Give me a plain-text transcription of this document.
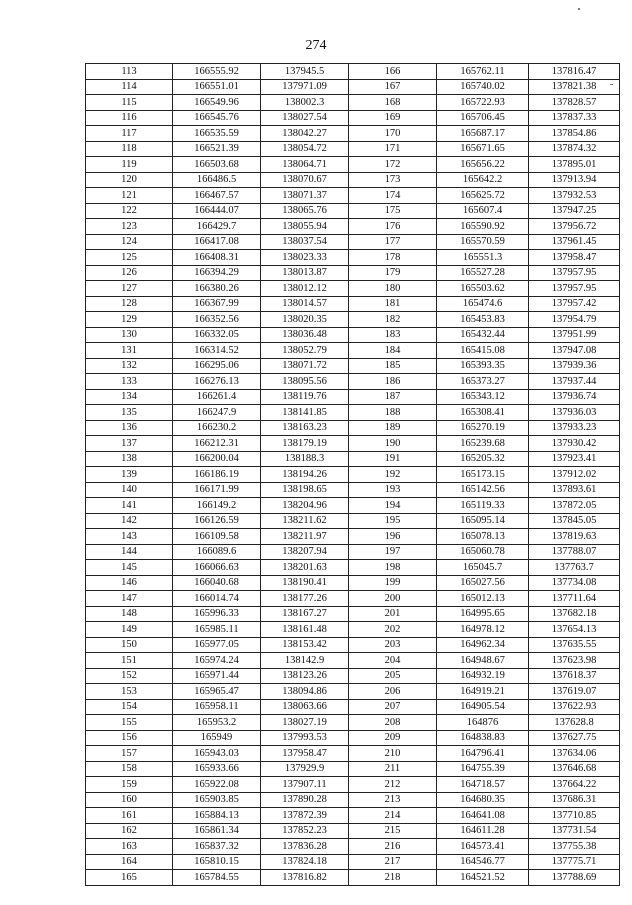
274
113	166555.92	137945.5	166	165762.11	137816.47
114	166551.01	137971.09	167	165740.02	137821.38
115	166549.96	138002.3	168	165722.93	137828.57
116	166545.76	138027.54	169	165706.45	137837.33
117	166535.59	138042.27	170	165687.17	137854.86
118	166521.39	138054.72	171	165671.65	137874.32
119	166503.68	138064.71	172	165656.22	137895.01
120	166486.5	138070.67	173	165642.2	137913.94
121	166467.57	138071.37	174	165625.72	137932.53
122	166444.07	138065.76	175	165607.4	137947.25
123	166429.7	138055.94	176	165590.92	137956.72
124	166417.08	138037.54	177	165570.59	137961.45
125	166408.31	138023.33	178	165551.3	137958.47
126	166394.29	138013.87	179	165527.28	137957.95
127	166380.26	138012.12	180	165503.62	137957.95
128	166367.99	138014.57	181	165474.6	137957.42
129	166352.56	138020.35	182	165453.83	137954.79
130	166332.05	138036.48	183	165432.44	137951.99
131	166314.52	138052.79	184	165415.08	137947.08
132	166295.06	138071.72	185	165393.35	137939.36
133	166276.13	138095.56	186	165373.27	137937.44
134	166261.4	138119.76	187	165343.12	137936.74
135	166247.9	138141.85	188	165308.41	137936.03
136	166230.2	138163.23	189	165270.19	137933.23
137	166212.31	138179.19	190	165239.68	137930.42
138	166200.04	138188.3	191	165205.32	137923.41
139	166186.19	138194.26	192	165173.15	137912.02
140	166171.99	138198.65	193	165142.56	137893.61
141	166149.2	138204.96	194	165119.33	137872.05
142	166126.59	138211.62	195	165095.14	137845.05
143	166109.58	138211.97	196	165078.13	137819.63
144	166089.6	138207.94	197	165060.78	137788.07
145	166066.63	138201.63	198	165045.7	137763.7
146	166040.68	138190.41	199	165027.56	137734.08
147	166014.74	138177.26	200	165012.13	137711.64
148	165996.33	138167.27	201	164995.65	137682.18
149	165985.11	138161.48	202	164978.12	137654.13
150	165977.05	138153.42	203	164962.34	137635.55
151	165974.24	138142.9	204	164948.67	137623.98
152	165971.44	138123.26	205	164932.19	137618.37
153	165965.47	138094.86	206	164919.21	137619.07
154	165958.11	138063.66	207	164905.54	137622.93
155	165953.2	138027.19	208	164876	137628.8
156	165949	137993.53	209	164838.83	137627.75
157	165943.03	137958.47	210	164796.41	137634.06
158	165933.66	137929.9	211	164755.39	137646.68
159	165922.08	137907.11	212	164718.57	137664.22
160	165903.85	137890.28	213	164680.35	137686.31
161	165884.13	137872.39	214	164641.08	137710.85
162	165861.34	137852.23	215	164611.28	137731.54
163	165837.32	137836.28	216	164573.41	137755.38
164	165810.15	137824.18	217	164546.77	137775.71
165	165784.55	137816.82	218	164521.52	137788.69
